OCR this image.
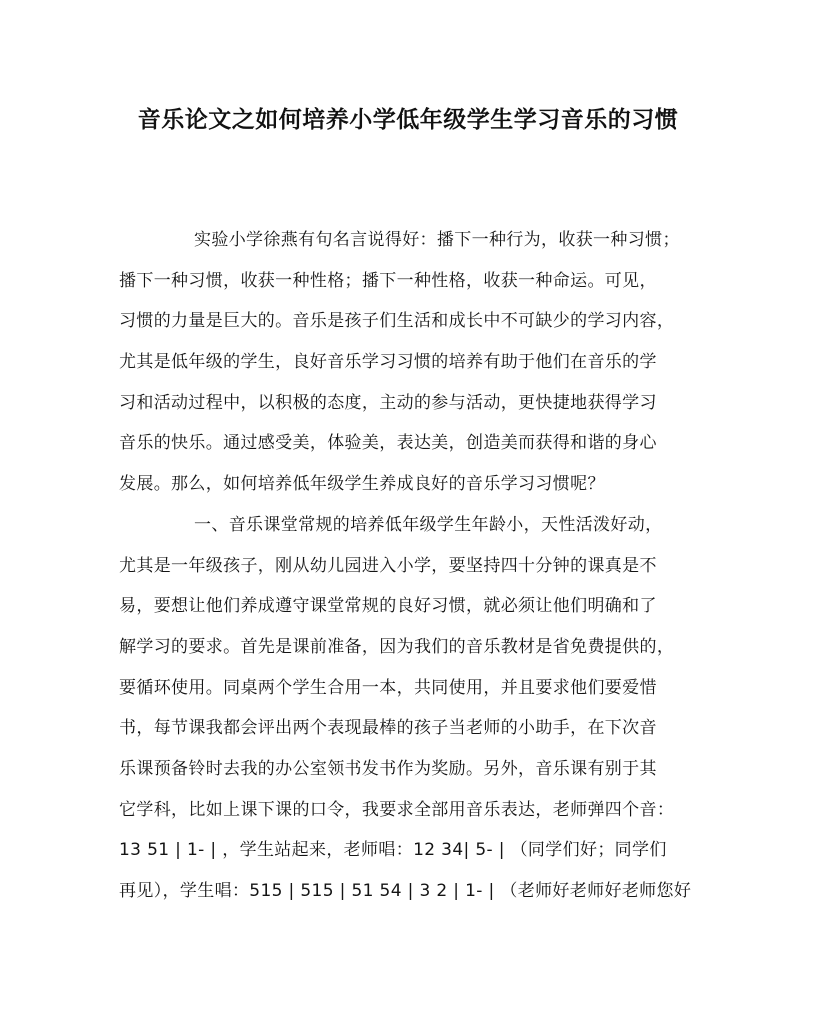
音乐论文之如何培养小学低年级学生学习音乐的习惯
实验小学徐燕有句名言说得好：播下一种行为，收获一种习惯；
播下一种习惯，收获一种性格；播下一种性格，收获一种命运。可见，
习惯的力量是巨大的。音乐是孩子们生活和成长中不可缺少的学习内容，
尤其是低年级的学生，良好音乐学习习惯的培养有助于他们在音乐的学
习和活动过程中，以积极的态度，主动的参与活动，更快捷地获得学习
音乐的快乐。通过感受美，体验美，表达美，创造美而获得和谐的身心
发展。那么，如何培养低年级学生养成良好的音乐学习习惯呢？
一、音乐课堂常规的培养低年级学生年龄小，天性活泼好动，
尤其是一年级孩子，刚从幼儿园进入小学，要坚持四十分钟的课真是不
易，要想让他们养成遵守课堂常规的良好习惯，就必须让他们明确和了
解学习的要求。首先是课前准备，因为我们的音乐教材是省免费提供的，
要循环使用。同桌两个学生合用一本，共同使用，并且要求他们要爱惜
书，每节课我都会评出两个表现最棒的孩子当老师的小助手，在下次音
乐课预备铃时去我的办公室领书发书作为奖励。另外，音乐课有别于其
它学科，比如上课下课的口令，我要求全部用音乐表达，老师弹四个音：
13 51 | 1- | ，学生站起来，老师唱：12 34| 5- | （同学们好；同学们
再见），学生唱：515 | 515 | 51 54 | 3 2 | 1- | （老师好老师好老师您好
